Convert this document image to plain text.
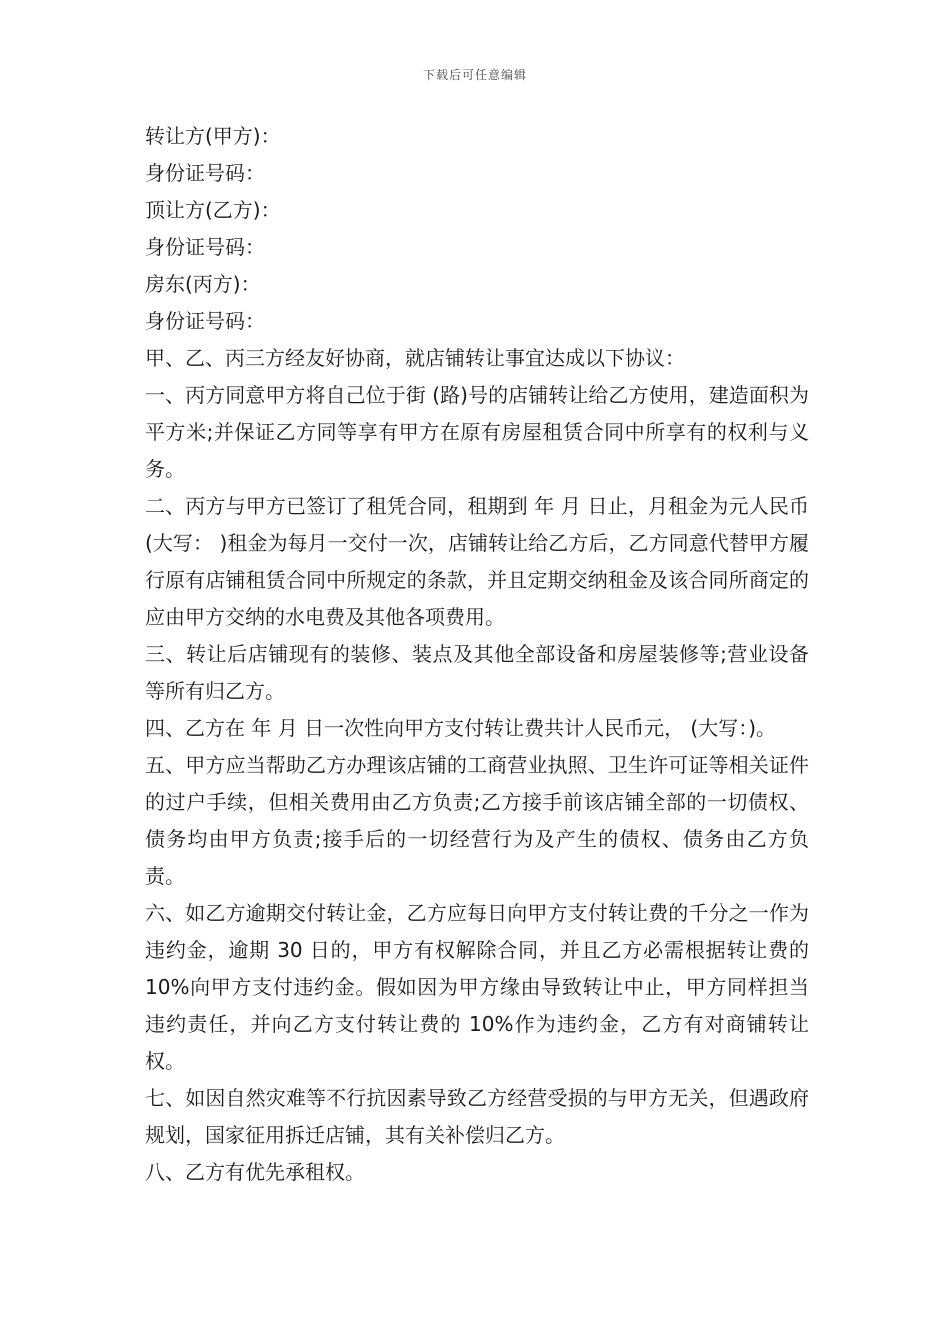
下载后可任意编辑

转让方(甲方)：

身份证号码：

顶让方(乙方)：

身份证号码：

房东(丙方)：

身份证号码：

甲、乙、丙三方经友好协商，就店铺转让事宜达成以下协议：

一、丙方同意甲方将自己位于街 (路)号的店铺转让给乙方使用，建造面积为平方米;并保证乙方同等享有甲方在原有房屋租赁合同中所享有的权利与义务。

二、丙方与甲方已签订了租凭合同，租期到 年 月 日止，月租金为元人民币(大写： )租金为每月一交付一次，店铺转让给乙方后，乙方同意代替甲方履行原有店铺租赁合同中所规定的条款，并且定期交纳租金及该合同所商定的应由甲方交纳的水电费及其他各项费用。

三、转让后店铺现有的装修、装点及其他全部设备和房屋装修等;营业设备等所有归乙方。

四、乙方在 年 月 日一次性向甲方支付转让费共计人民币元， (大写：)。

五、甲方应当帮助乙方办理该店铺的工商营业执照、卫生许可证等相关证件的过户手续，但相关费用由乙方负责;乙方接手前该店铺全部的一切债权、债务均由甲方负责;接手后的一切经营行为及产生的债权、债务由乙方负责。

六、如乙方逾期交付转让金，乙方应每日向甲方支付转让费的千分之一作为违约金，逾期 30 日的，甲方有权解除合同，并且乙方必需根据转让费的 10%向甲方支付违约金。假如因为甲方缘由导致转让中止，甲方同样担当违约责任，并向乙方支付转让费的 10%作为违约金，乙方有对商铺转让权。

七、如因自然灾难等不行抗因素导致乙方经营受损的与甲方无关，但遇政府规划，国家征用拆迁店铺，其有关补偿归乙方。

八、乙方有优先承租权。
